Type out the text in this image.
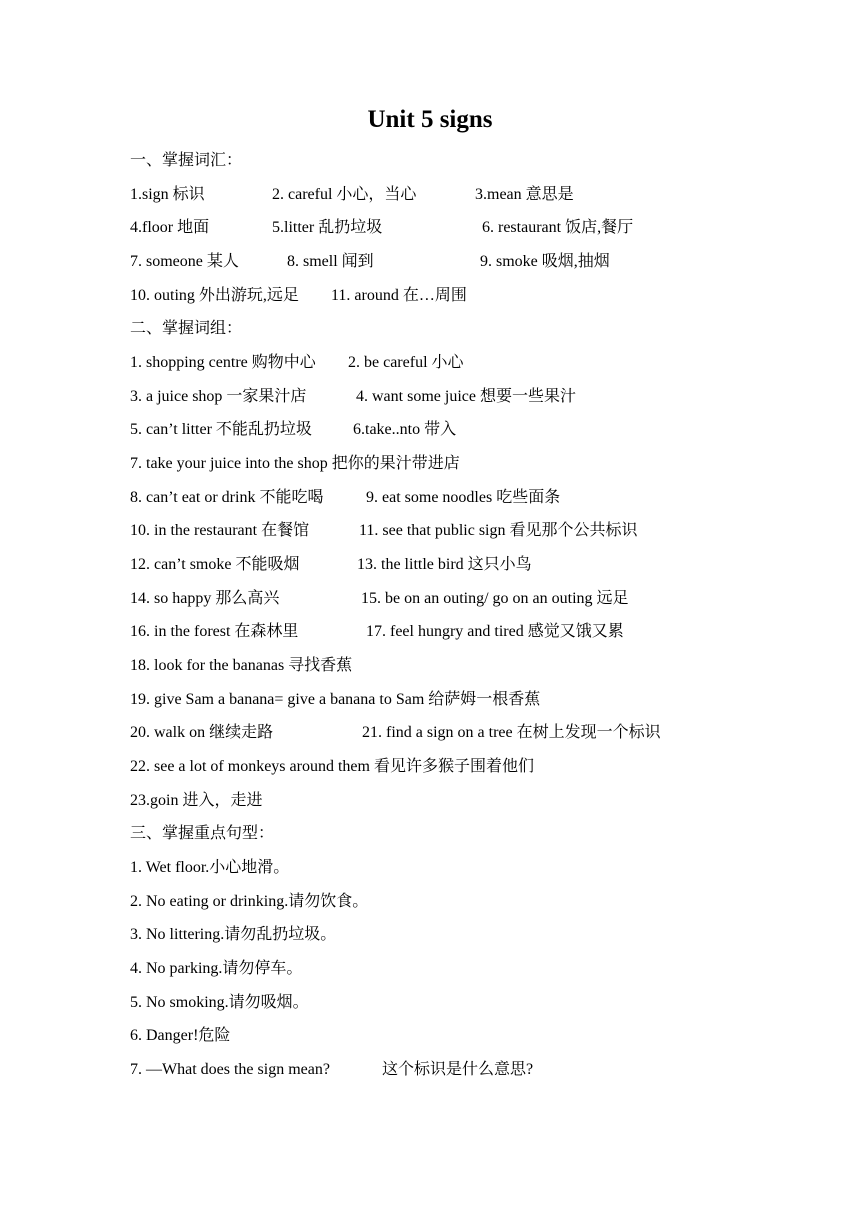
Unit 5 signs
一、掌握词汇：
1.sign 标识	2. careful 小心，当心	3.mean 意思是
4.floor 地面	5.litter 乱扔垃圾	6. restaurant 饭店,餐厅
7. someone 某人	8. smell 闻到	9. smoke 吸烟,抽烟
10. outing 外出游玩,远足 11. around 在…周围
二、掌握词组：
1. shopping centre 购物中心 2. be careful 小心
3. a juice shop 一家果汁店	4. want some juice 想要一些果汁
5. can’t litter 不能乱扔垃圾	6.take..nto 带入
7. take your juice into the shop 把你的果汁带进店
8. can’t eat or drink 不能吃喝	9. eat some noodles 吃些面条
10. in the restaurant 在餐馆	11. see that public sign 看见那个公共标识
12. can’t smoke 不能吸烟	13. the little bird 这只小鸟
14. so happy 那么高兴	15. be on an outing/ go on an outing 远足
16. in the forest 在森林里	17. feel hungry and tired 感觉又饿又累
18. look for the bananas 寻找香蕉
19. give Sam a banana= give a banana to Sam 给萨姆一根香蕉
20. walk on 继续走路	21. find a sign on a tree 在树上发现一个标识
22. see a lot of monkeys around them 看见许多猴子围着他们
23.goin 进入，走进
三、掌握重点句型：
1. Wet floor.小心地滑。
2. No eating or drinking.请勿饮食。
3. No littering.请勿乱扔垃圾。
4. No parking.请勿停车。
5. No smoking.请勿吸烟。
6. Danger!危险
7. —What does the sign mean?	这个标识是什么意思?
